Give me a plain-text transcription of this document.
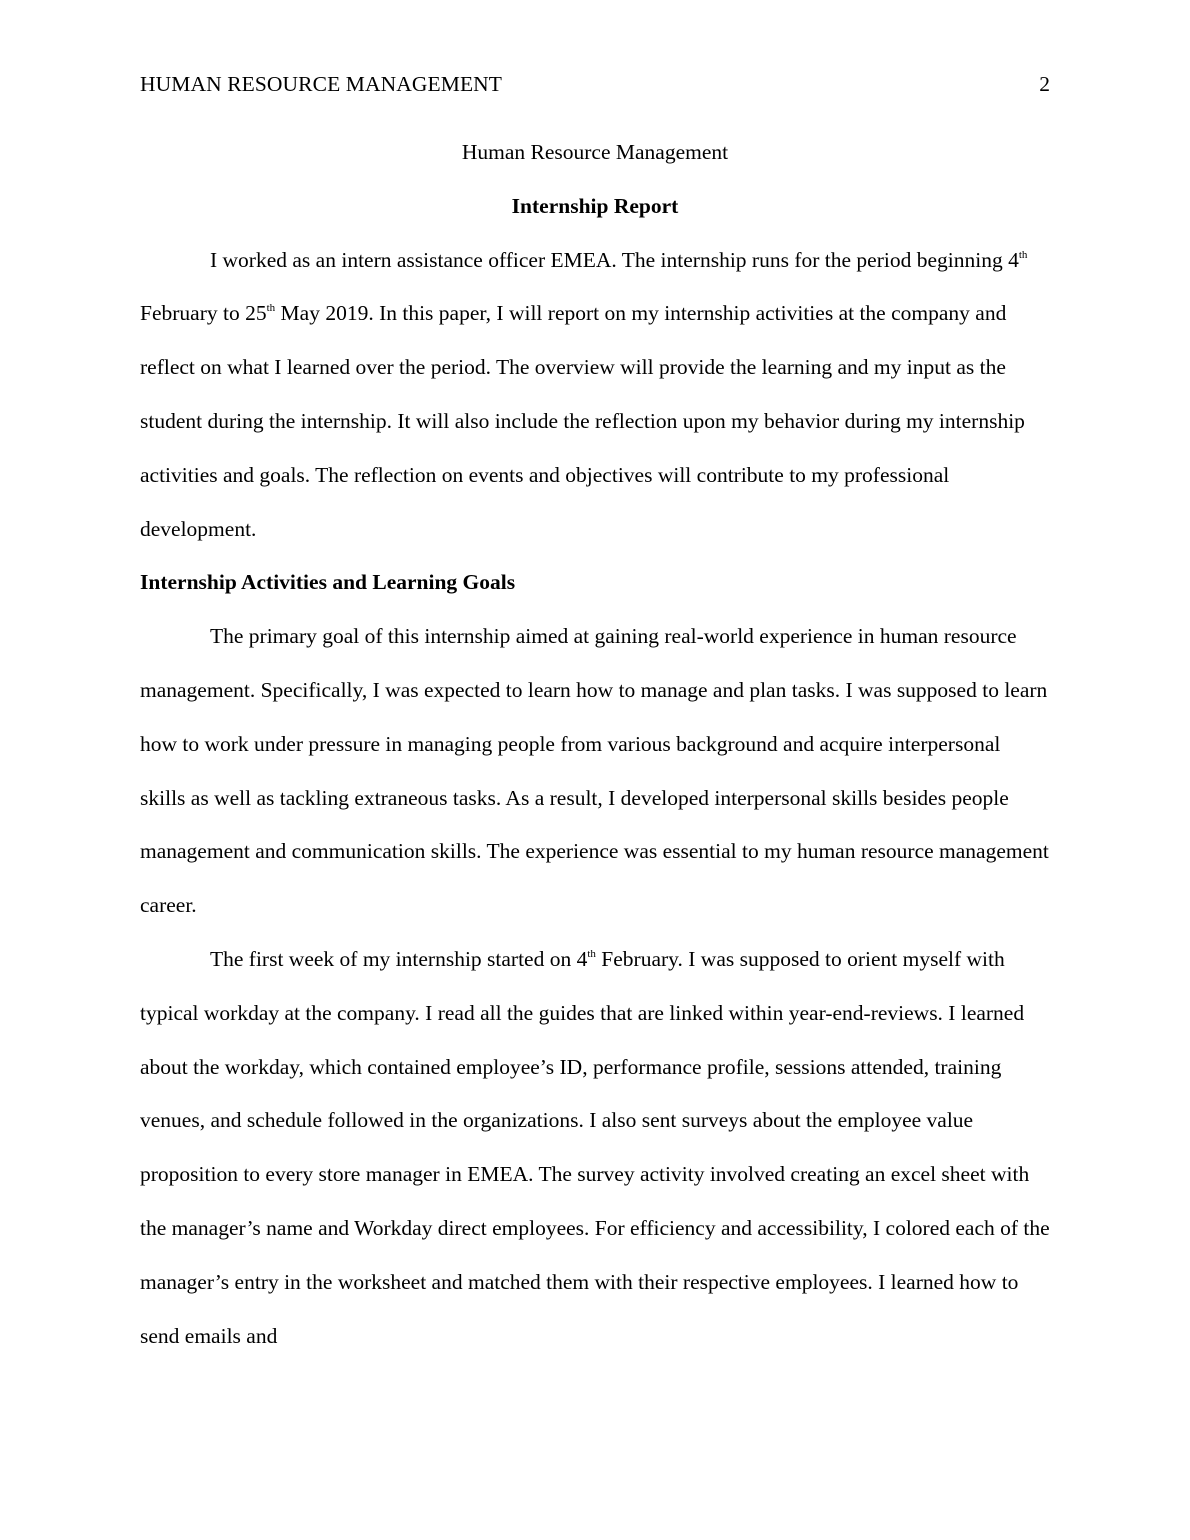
HUMAN RESOURCE MANAGEMENT	2
Human Resource Management
Internship Report

I worked as an intern assistance officer EMEA. The internship runs for the period beginning 4th February to 25th May 2019. In this paper, I will report on my internship activities at the company and reflect on what I learned over the period. The overview will provide the learning and my input as the student during the internship. It will also include the reflection upon my behavior during my internship activities and goals. The reflection on events and objectives will contribute to my professional development.

Internship Activities and Learning Goals

The primary goal of this internship aimed at gaining real-world experience in human resource management. Specifically, I was expected to learn how to manage and plan tasks. I was supposed to learn how to work under pressure in managing people from various background and acquire interpersonal skills as well as tackling extraneous tasks. As a result, I developed interpersonal skills besides people management and communication skills. The experience was essential to my human resource management career.

The first week of my internship started on 4th February. I was supposed to orient myself with typical workday at the company. I read all the guides that are linked within year-end-reviews. I learned about the workday, which contained employee’s ID, performance profile, sessions attended, training venues, and schedule followed in the organizations. I also sent surveys about the employee value proposition to every store manager in EMEA. The survey activity involved creating an excel sheet with the manager’s name and Workday direct employees. For efficiency and accessibility, I colored each of the manager’s entry in the worksheet and matched them with their respective employees. I learned how to send emails and
